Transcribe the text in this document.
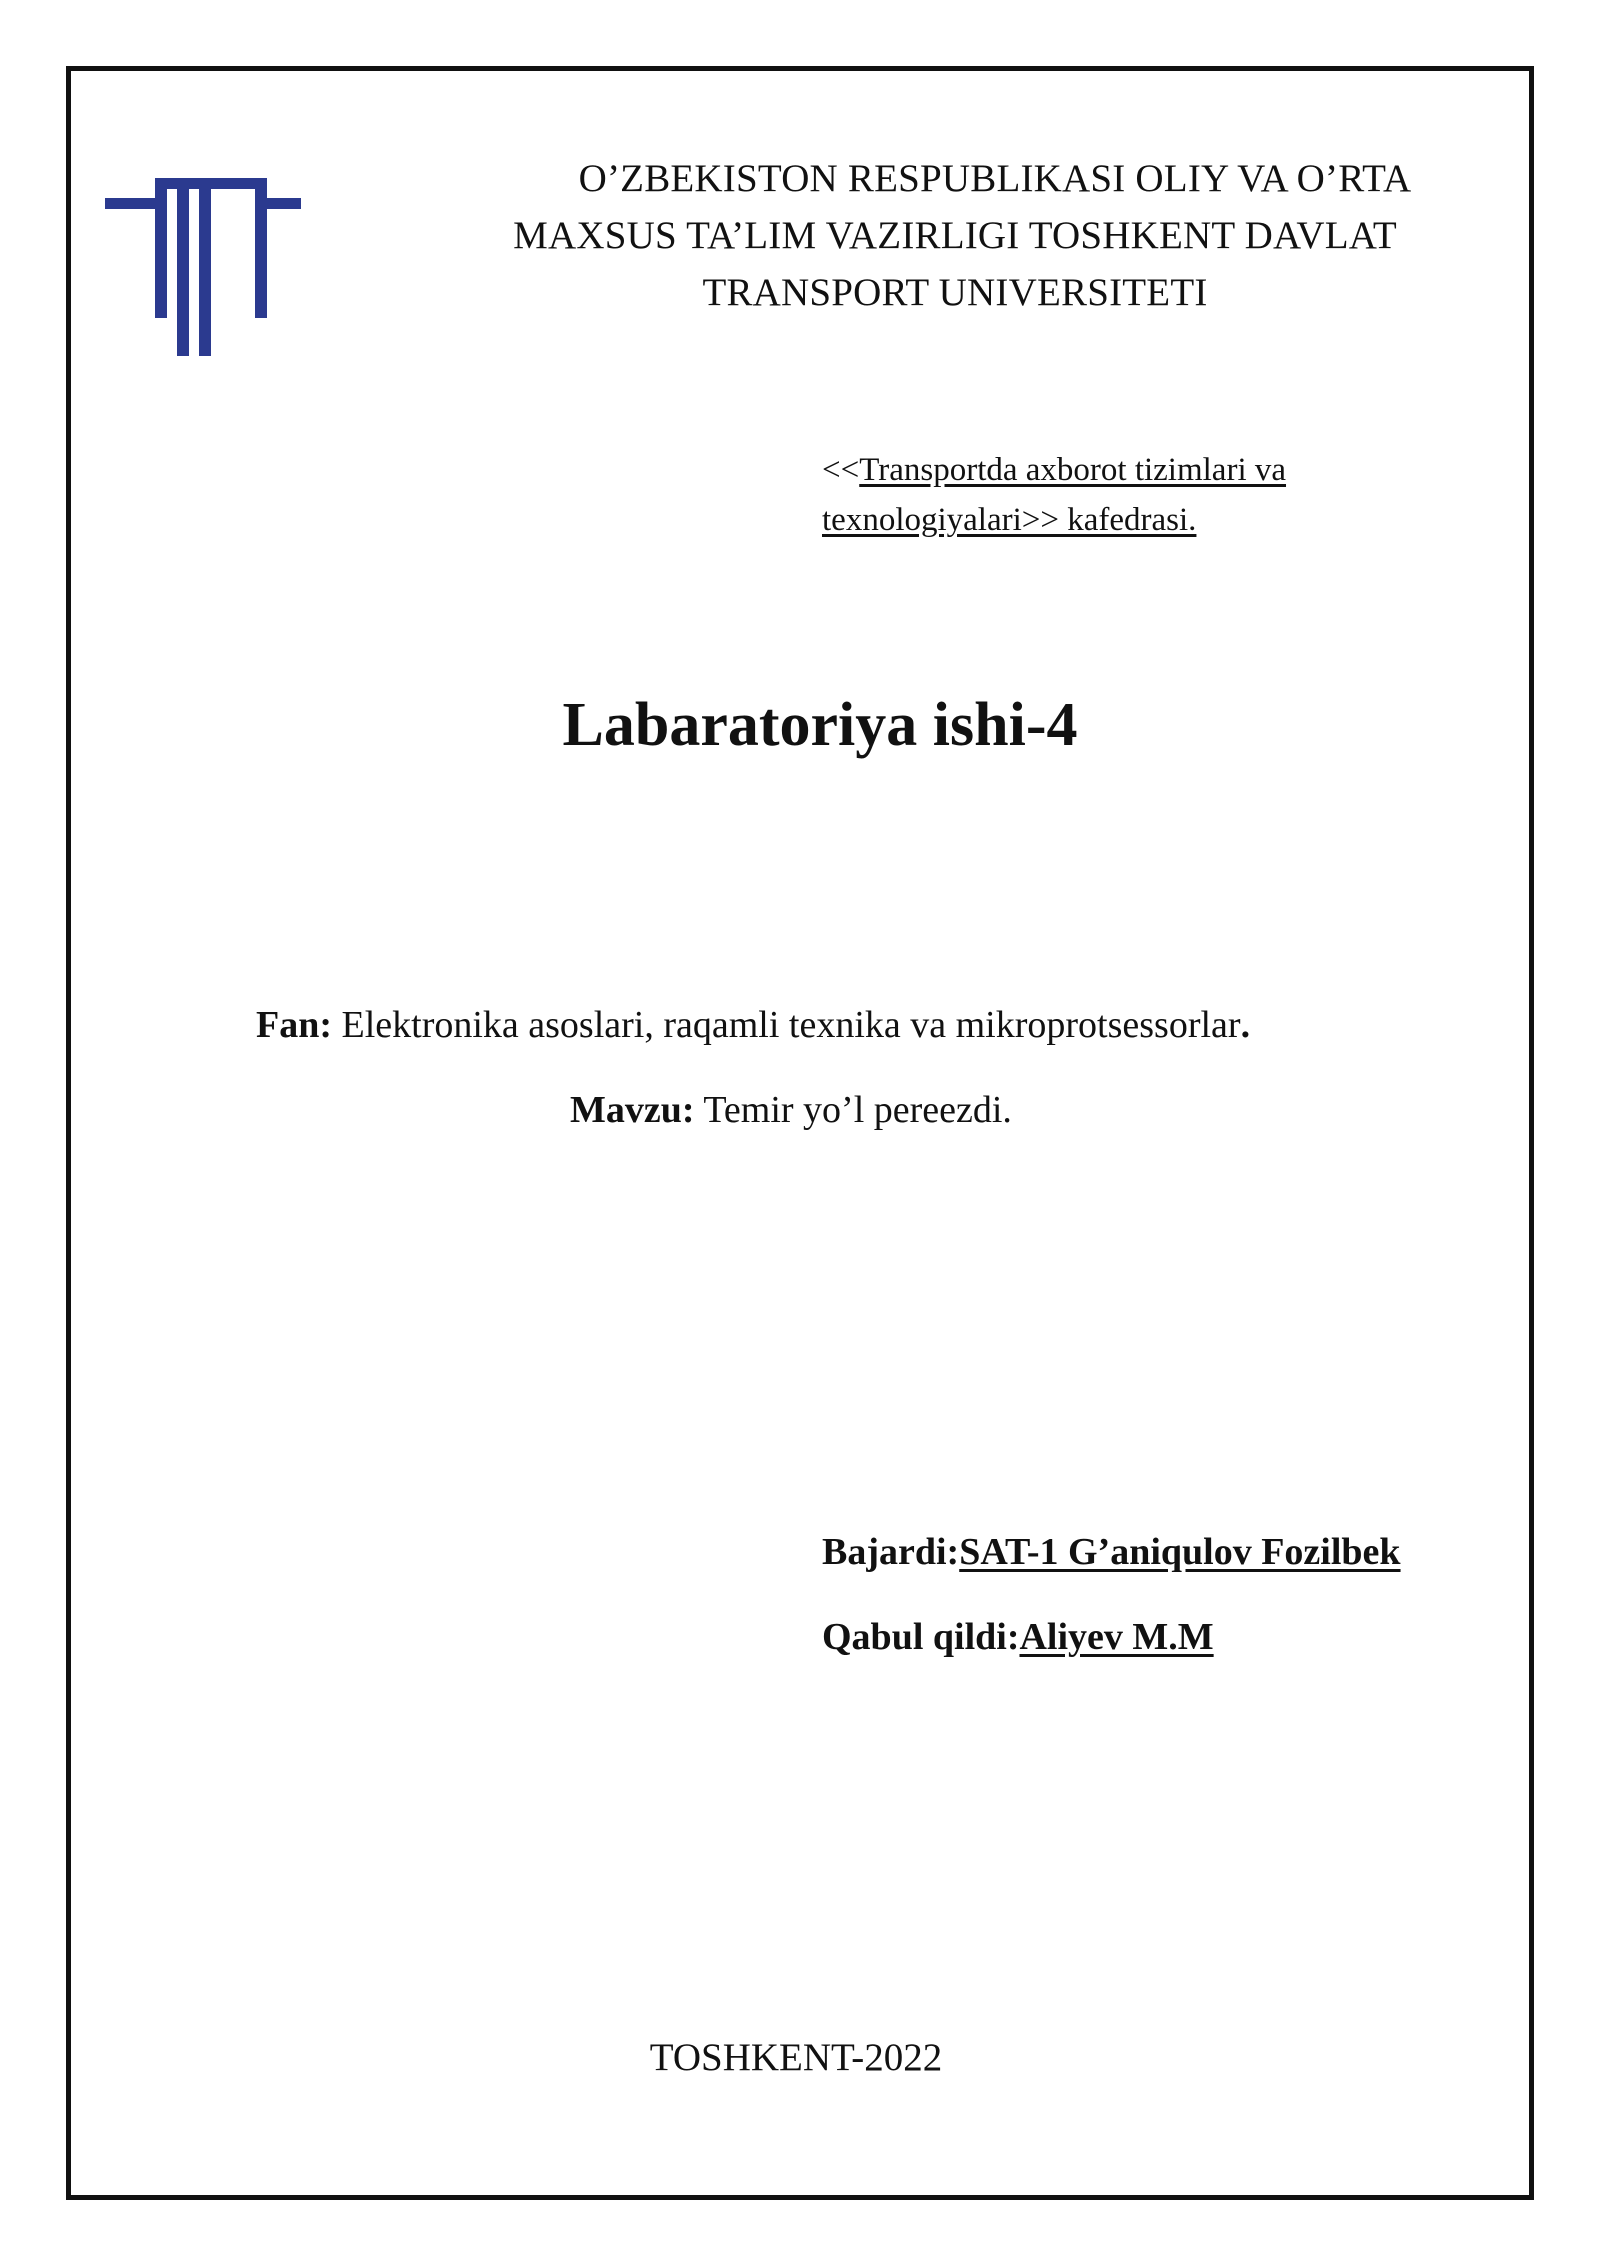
O’ZBEKISTON RESPUBLIKASI OLIY VA O’RTA
MAXSUS TA’LIM VAZIRLIGI TOSHKENT DAVLAT
TRANSPORT UNIVERSITETI
<<Transportda axborot tizimlari va
texnologiyalari>> kafedrasi.
Labaratoriya ishi-4
Fan: Elektronika asoslari, raqamli texnika va mikroprotsessorlar.
Mavzu: Temir yo’l pereezdi.
Bajardi:SAT-1 G’aniqulov Fozilbek
Qabul qildi:Aliyev M.M
TOSHKENT-2022
